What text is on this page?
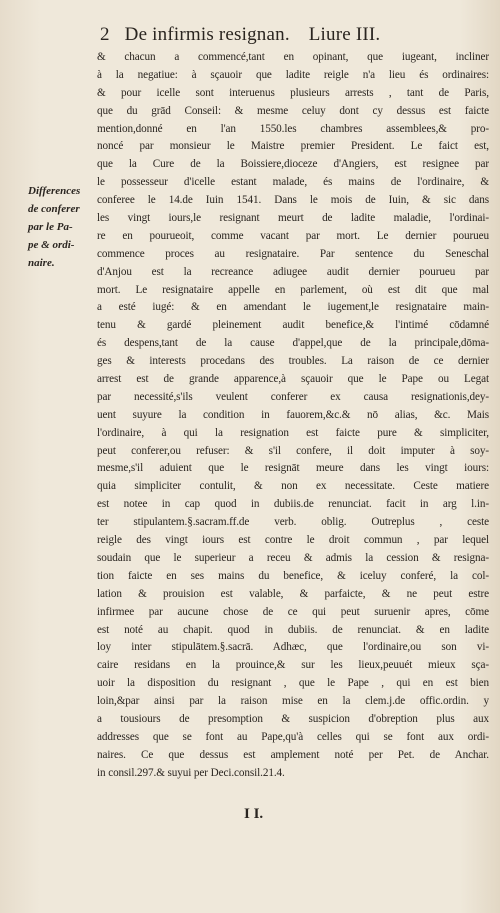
2 De infirmis resignan. Liure III.
Differences
de conferer
par le Pa-
pe & ordi-
naire.
& chacun a commencé,tant en opinant, que iugeant, incliner
à la negatiue: à sçauoir que ladite reigle n'a lieu és ordinaires:
& pour icelle sont interuenus plusieurs arrests , tant de Paris,
que du grād Conseil: & mesme celuy dont cy dessus est faicte
mention,donné en l'an 1550.les chambres assemblees,& pro-
noncé par monsieur le Maistre premier President. Le faict est,
que la Cure de la Boissiere,dioceze d'Angiers, est resignee par
le possesseur d'icelle estant malade, és mains de l'ordinaire, &
conferee le 14.de Iuin 1541. Dans le mois de Iuin, & sic dans
les vingt iours,le resignant meurt de ladite maladie, l'ordinai-
re en pourueoit, comme vacant par mort. Le dernier pourueu
commence proces au resignataire. Par sentence du Seneschal
d'Anjou est la recreance adiugee audit dernier pourueu par
mort. Le resignataire appelle en parlement, où est dit que mal
a esté iugé: & en amendant le iugement,le resignataire main-
tenu & gardé pleinement audit benefice,& l'intimé cōdamné
és despens,tant de la cause d'appel,que de la principale,dōma-
ges & interests procedans des troubles. La raison de ce dernier
arrest est de grande apparence,à sçauoir que le Pape ou Legat
par necessité,s'ils veulent conferer ex causa resignationis,dey-
uent suyure la condition in fauorem,&c.& nō alias, &c. Mais
l'ordinaire, à qui la resignation est faicte pure & simpliciter,
peut conferer,ou refuser: & s'il confere, il doit imputer à soy-
mesme,s'il aduient que le resignāt meure dans les vingt iours:
quia simpliciter contulit, & non ex necessitate. Ceste matiere
est notee in cap quod in dubiis.de renunciat. facit in arg l.in-
ter stipulantem.§.sacram.ff.de verb. oblig. Outreplus , ceste
reigle des vingt iours est contre le droit commun , par lequel
soudain que le superieur a receu & admis la cession & resigna-
tion faicte en ses mains du benefice, & iceluy conferé, la col-
lation & prouision est valable, & parfaicte, & ne peut estre
infirmee par aucune chose de ce qui peut suruenir apres, cōme
est noté au chapit. quod in dubiis. de renunciat. & en ladite
loy inter stipulātem.§.sacrā. Adhæc, que l'ordinaire,ou son vi-
caire residans en la prouince,& sur les lieux,peuuét mieux sça-
uoir la disposition du resignant , que le Pape , qui en est bien
loin,&par ainsi par la raison mise en la clem.j.de offic.ordin. y
a tousiours de presomption & suspicion d'obreption plus aux
addresses que se font au Pape,qu'à celles qui se font aux ordi-
naires. Ce que dessus est amplement noté per Pet. de Anchar.
in consil.297.& suyui per Deci.consil.21.4.
I I.
